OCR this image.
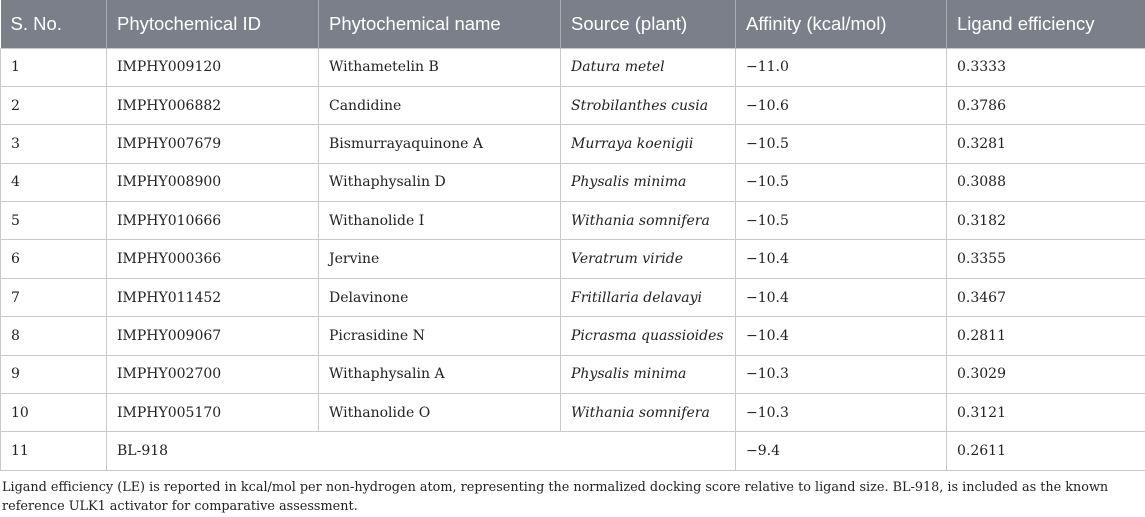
S. No.	Phytochemical ID	Phytochemical name	Source (plant)	Affinity (kcal/mol)	Ligand efficiency
1	IMPHY009120	Withametelin B	Datura metel	−11.0	0.3333
2	IMPHY006882	Candidine	Strobilanthes cusia	−10.6	0.3786
3	IMPHY007679	Bismurrayaquinone A	Murraya koenigii	−10.5	0.3281
4	IMPHY008900	Withaphysalin D	Physalis minima	−10.5	0.3088
5	IMPHY010666	Withanolide I	Withania somnifera	−10.5	0.3182
6	IMPHY000366	Jervine	Veratrum viride	−10.4	0.3355
7	IMPHY011452	Delavinone	Fritillaria delavayi	−10.4	0.3467
8	IMPHY009067	Picrasidine N	Picrasma quassioides	−10.4	0.2811
9	IMPHY002700	Withaphysalin A	Physalis minima	−10.3	0.3029
10	IMPHY005170	Withanolide O	Withania somnifera	−10.3	0.3121
11	BL-918			−9.4	0.2611
Ligand efficiency (LE) is reported in kcal/mol per non-hydrogen atom, representing the normalized docking score relative to ligand size. BL-918, is included as the known reference ULK1 activator for comparative assessment.
